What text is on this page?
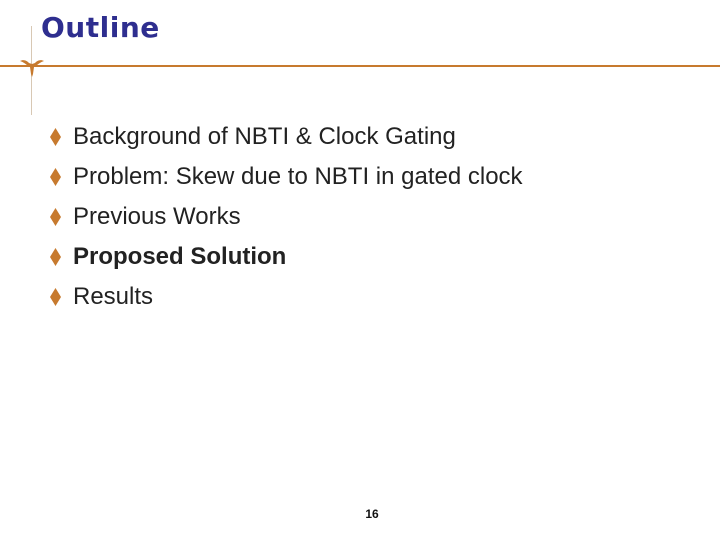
Outline
Background of NBTI & Clock Gating
Problem: Skew due to NBTI in gated clock
Previous Works
Proposed Solution
Results
16
